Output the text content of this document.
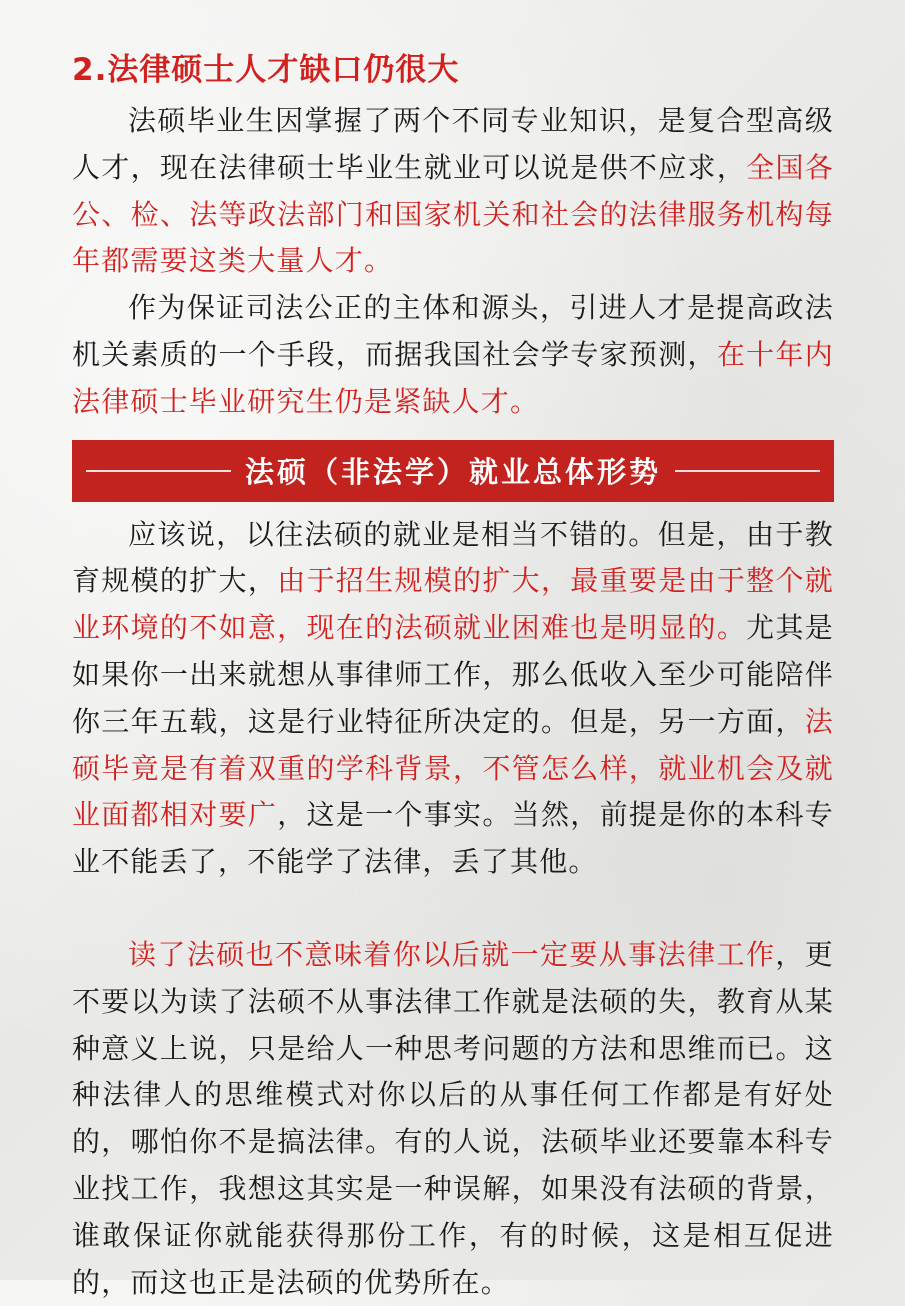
2.法律硕士人才缺口仍很大

法硕毕业生因掌握了两个不同专业知识，是复合型高级人才，现在法律硕士毕业生就业可以说是供不应求，全国各公、检、法等政法部门和国家机关和社会的法律服务机构每年都需要这类大量人才。

作为保证司法公正的主体和源头，引进人才是提高政法机关素质的一个手段，而据我国社会学专家预测，在十年内法律硕士毕业研究生仍是紧缺人才。

法硕（非法学）就业总体形势

应该说，以往法硕的就业是相当不错的。但是，由于教育规模的扩大，由于招生规模的扩大，最重要是由于整个就业环境的不如意，现在的法硕就业困难也是明显的。尤其是如果你一出来就想从事律师工作，那么低收入至少可能陪伴你三年五载，这是行业特征所决定的。但是，另一方面，法硕毕竟是有着双重的学科背景，不管怎么样，就业机会及就业面都相对要广，这是一个事实。当然，前提是你的本科专业不能丢了，不能学了法律，丢了其他。

读了法硕也不意味着你以后就一定要从事法律工作，更不要以为读了法硕不从事法律工作就是法硕的失，教育从某种意义上说，只是给人一种思考问题的方法和思维而已。这种法律人的思维模式对你以后的从事任何工作都是有好处的，哪怕你不是搞法律。有的人说，法硕毕业还要靠本科专业找工作，我想这其实是一种误解，如果没有法硕的背景，谁敢保证你就能获得那份工作，有的时候，这是相互促进的，而这也正是法硕的优势所在。
